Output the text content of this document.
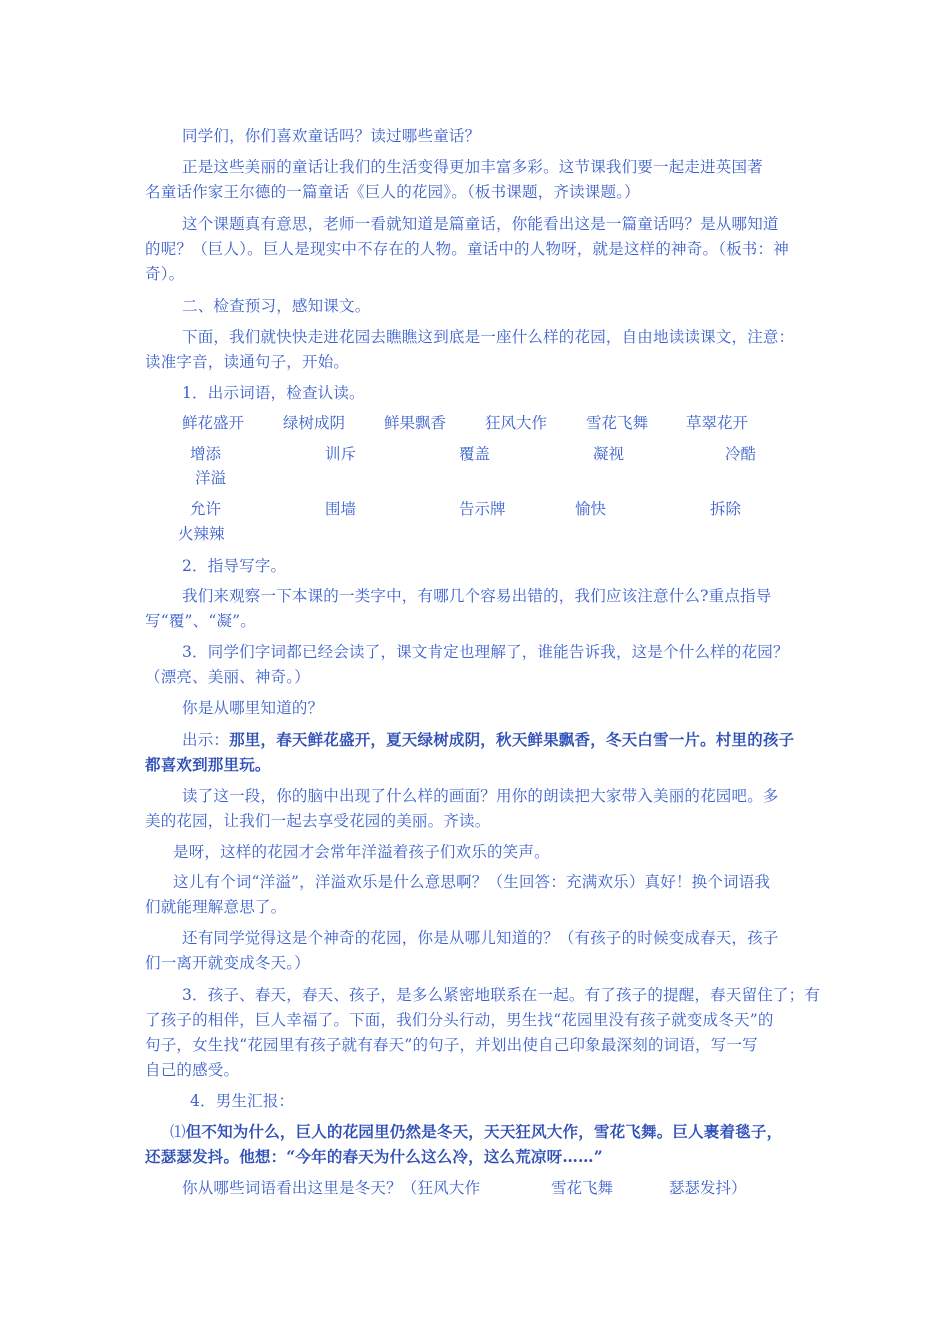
同学们，你们喜欢童话吗？读过哪些童话？
正是这些美丽的童话让我们的生活变得更加丰富多彩。这节课我们要一起走进英国著
名童话作家王尔德的一篇童话《巨人的花园》。（板书课题，齐读课题。）
这个课题真有意思，老师一看就知道是篇童话，你能看出这是一篇童话吗？是从哪知道
的呢？（巨人）。巨人是现实中不存在的人物。童话中的人物呀，就是这样的神奇。（板书：神
奇）。
二、检查预习，感知课文。
下面，我们就快快走进花园去瞧瞧这到底是一座什么样的花园，自由地读读课文，注意：
读准字音，读通句子，开始。
1．出示词语，检查认读。
鲜花盛开	绿树成阴	鲜果飘香	狂风大作	雪花飞舞 草翠花开
增添	训斥	覆盖	凝视	冷酷
洋溢
允许	围墙	告示牌	愉快	拆除
火辣辣
2．指导写字。
我们来观察一下本课的一类字中，有哪几个容易出错的，我们应该注意什么?重点指导
写“覆”、“凝”。
3．同学们字词都已经会读了，课文肯定也理解了，谁能告诉我，这是个什么样的花园？
（漂亮、美丽、神奇。）
你是从哪里知道的？
出示：那里，春天鲜花盛开，夏天绿树成阴，秋天鲜果飘香，冬天白雪一片。村里的孩子
都喜欢到那里玩。
读了这一段，你的脑中出现了什么样的画面？用你的朗读把大家带入美丽的花园吧。多
美的花园，让我们一起去享受花园的美丽。齐读。
是呀，这样的花园才会常年洋溢着孩子们欢乐的笑声。
这儿有个词“洋溢”，洋溢欢乐是什么意思啊？（生回答：充满欢乐）真好！换个词语我
们就能理解意思了。
还有同学觉得这是个神奇的花园，你是从哪儿知道的？（有孩子的时候变成春天，孩子
们一离开就变成冬天。）
3．孩子、春天，春天、孩子，是多么紧密地联系在一起。有了孩子的提醒，春天留住了；有
了孩子的相伴，巨人幸福了。下面，我们分头行动，男生找“花园里没有孩子就变成冬天”的
句子，女生找“花园里有孩子就有春天”的句子，并划出使自己印象最深刻的词语，写一写
自己的感受。
4．男生汇报：
⑴但不知为什么，巨人的花园里仍然是冬天，天天狂风大作，雪花飞舞。巨人裹着毯子，
还瑟瑟发抖。他想：“今年的春天为什么这么冷，这么荒凉呀……”
你从哪些词语看出这里是冬天？（狂风大作	雪花飞舞	瑟瑟发抖）
